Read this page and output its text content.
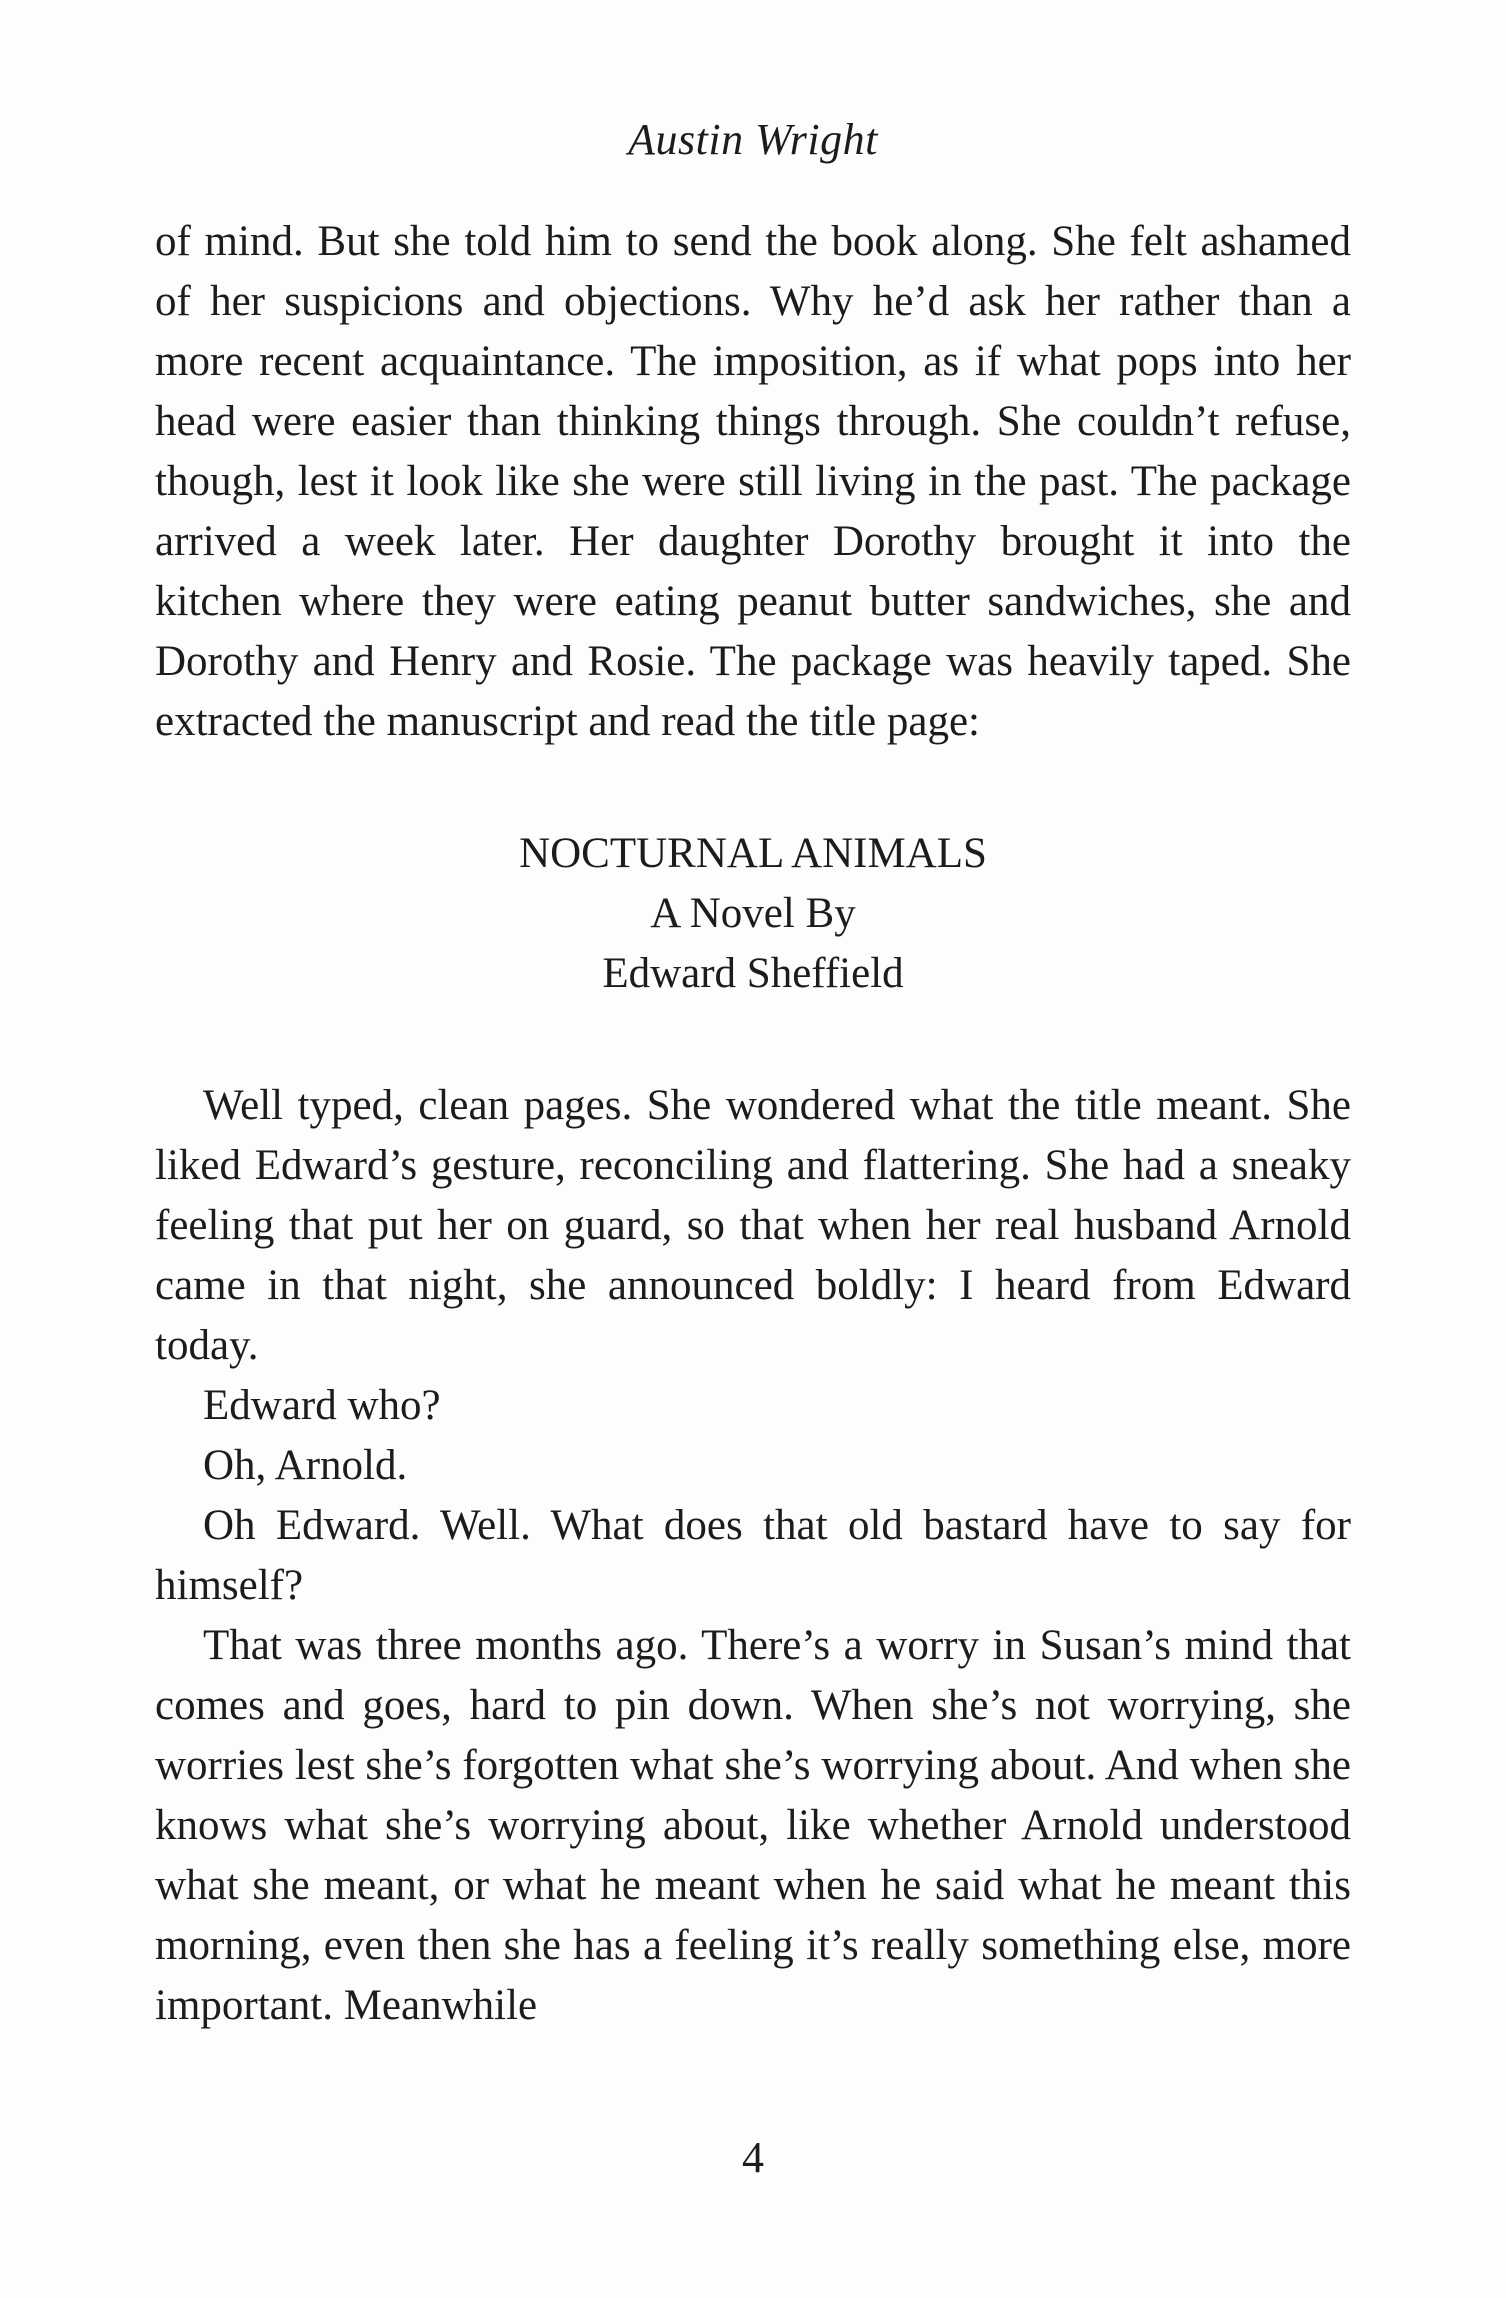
Austin Wright

of mind. But she told him to send the book along. She felt ashamed of her suspicions and objections. Why he’d ask her rather than a more recent acquaintance. The imposition, as if what pops into her head were easier than thinking things through. She couldn’t refuse, though, lest it look like she were still living in the past. The package arrived a week later. Her daughter Dorothy brought it into the kitchen where they were eating peanut butter sandwiches, she and Dorothy and Henry and Rosie. The package was heavily taped. She extracted the manuscript and read the title page:

NOCTURNAL ANIMALS
A Novel By
Edward Sheffield

Well typed, clean pages. She wondered what the title meant. She liked Edward’s gesture, reconciling and flattering. She had a sneaky feeling that put her on guard, so that when her real husband Arnold came in that night, she announced boldly: I heard from Edward today.

Edward who?

Oh, Arnold.

Oh Edward. Well. What does that old bastard have to say for himself?

That was three months ago. There’s a worry in Susan’s mind that comes and goes, hard to pin down. When she’s not worrying, she worries lest she’s forgotten what she’s worrying about. And when she knows what she’s worrying about, like whether Arnold understood what she meant, or what he meant when he said what he meant this morning, even then she has a feeling it’s really something else, more important. Meanwhile

4
